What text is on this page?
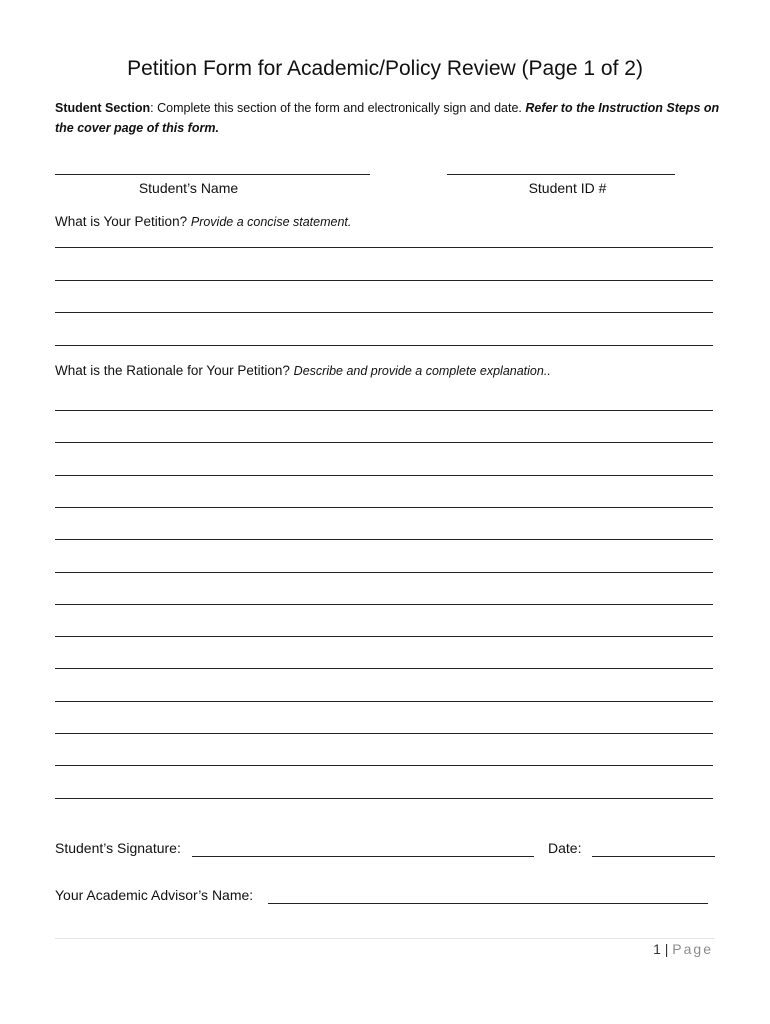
Petition Form for Academic/Policy Review (Page 1 of 2)
Student Section: Complete this section of the form and electronically sign and date. Refer to the Instruction Steps on the cover page of this form.
Student’s Name	Student ID #
What is Your Petition? Provide a concise statement.
What is the Rationale for Your Petition? Describe and provide a complete explanation..
Student’s Signature:	Date:
Your Academic Advisor’s Name:
1 | Page
